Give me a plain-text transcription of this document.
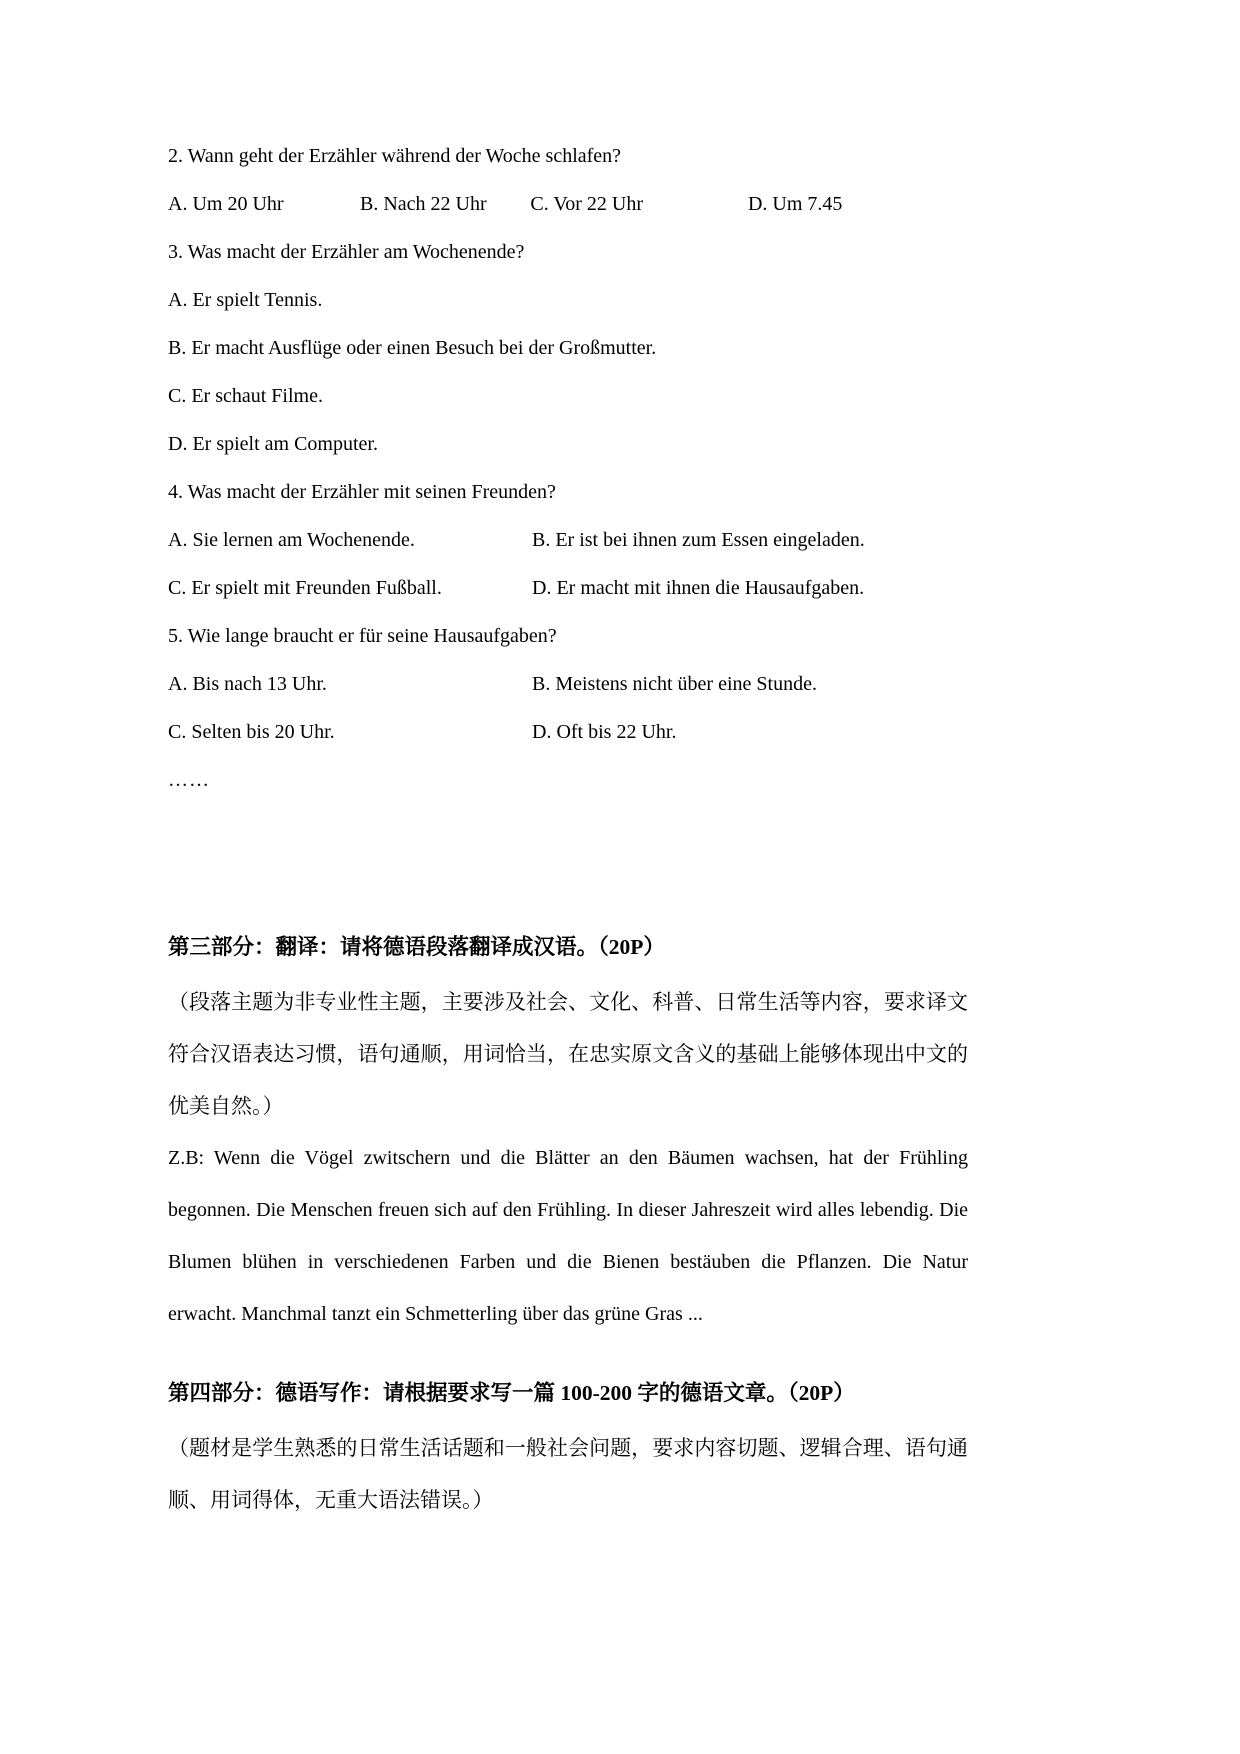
2. Wann geht der Erzähler während der Woche schlafen?
A. Um 20 Uhr	B. Nach 22 Uhr	C. Vor 22 Uhr	D. Um 7.45
3. Was macht der Erzähler am Wochenende?
A. Er spielt Tennis.
B. Er macht Ausflüge oder einen Besuch bei der Großmutter.
C. Er schaut Filme.
D. Er spielt am Computer.
4. Was macht der Erzähler mit seinen Freunden?
A. Sie lernen am Wochenende.	B. Er ist bei ihnen zum Essen eingeladen.
C. Er spielt mit Freunden Fußball.	D. Er macht mit ihnen die Hausaufgaben.
5. Wie lange braucht er für seine Hausaufgaben?
A. Bis nach 13 Uhr.	B. Meistens nicht über eine Stunde.
C. Selten bis 20 Uhr.	D. Oft bis 22 Uhr.
……
第三部分：翻译：请将德语段落翻译成汉语。（20P）

（段落主题为非专业性主题，主要涉及社会、文化、科普、日常生活等内容，要求译文符合汉语表达习惯，语句通顺，用词恰当，在忠实原文含义的基础上能够体现出中文的优美自然。）

Z.B: Wenn die Vögel zwitschern und die Blätter an den Bäumen wachsen, hat der Frühling begonnen. Die Menschen freuen sich auf den Frühling. In dieser Jahreszeit wird alles lebendig. Die Blumen blühen in verschiedenen Farben und die Bienen bestäuben die Pflanzen. Die Natur erwacht. Manchmal tanzt ein Schmetterling über das grüne Gras ...

第四部分：德语写作：请根据要求写一篇 100-200 字的德语文章。（20P）

（题材是学生熟悉的日常生活话题和一般社会问题，要求内容切题、逻辑合理、语句通顺、用词得体，无重大语法错误。）
